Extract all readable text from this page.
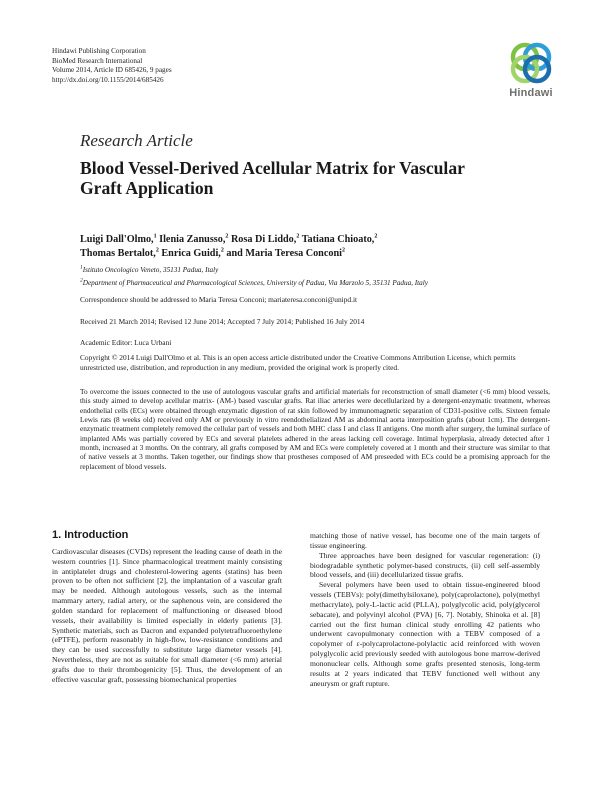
Hindawi Publishing Corporation
BioMed Research International
Volume 2014, Article ID 685426, 9 pages
http://dx.doi.org/10.1155/2014/685426
Hindawi
Research Article
Blood Vessel-Derived Acellular Matrix for Vascular Graft Application
Luigi Dall'Olmo,$^1$ Ilenia Zanusso,$^2$ Rosa Di Liddo,$^2$ Tatiana Chioato,$^2$
Thomas Bertalot,$^2$ Enrica Guidi,$^2$ and Maria Teresa Conconi$^2$
$^1$Istituto Oncologico Veneto, 35131 Padua, Italy
$^2$Department of Pharmaceutical and Pharmacological Sciences, University of Padua, Via Marzolo 5, 35131 Padua, Italy
Correspondence should be addressed to Maria Teresa Conconi; mariateresa.conconi@unipd.it
Received 21 March 2014; Revised 12 June 2014; Accepted 7 July 2014; Published 16 July 2014
Academic Editor: Luca Urbani
Copyright © 2014 Luigi Dall'Olmo et al. This is an open access article distributed under the Creative Commons Attribution License, which permits unrestricted use, distribution, and reproduction in any medium, provided the original work is properly cited.
To overcome the issues connected to the use of autologous vascular grafts and artificial materials for reconstruction of small diameter (<6 mm) blood vessels, this study aimed to develop acellular matrix- (AM-) based vascular grafts. Rat iliac arteries were decellularized by a detergent-enzymatic treatment, whereas endothelial cells (ECs) were obtained through enzymatic digestion of rat skin followed by immunomagnetic separation of CD31-positive cells. Sixteen female Lewis rats (8 weeks old) received only AM or previously in vitro reendothelialized AM as abdominal aorta interposition grafts (about 1cm). The detergent-enzymatic treatment completely removed the cellular part of vessels and both MHC class I and class II antigens. One month after surgery, the luminal surface of implanted AMs was partially covered by ECs and several platelets adhered in the areas lacking cell coverage. Intimal hyperplasia, already detected after 1 month, increased at 3 months. On the contrary, all grafts composed by AM and ECs were completely covered at 1 month and their structure was similar to that of native vessels at 3 months. Taken together, our findings show that prostheses composed of AM preseeded with ECs could be a promising approach for the replacement of blood vessels.
1. Introduction

Cardiovascular diseases (CVDs) represent the leading cause of death in the western countries [1]. Since pharmacological treatment mainly consisting in antiplatelet drugs and cholesterol-lowering agents (statins) has been proven to be often not sufficient [2], the implantation of a vascular graft may be needed. Although autologous vessels, such as the internal mammary artery, radial artery, or the saphenous vein, are considered the golden standard for replacement of malfunctioning or diseased blood vessels, their availability is limited especially in elderly patients [3]. Synthetic materials, such as Dacron and expanded polytetrafluoroethylene (ePTFE), perform reasonably in high-flow, low-resistance conditions and they can be used successfully to substitute large diameter vessels [4]. Nevertheless, they are not as suitable for small diameter (<6 mm) arterial grafts due to their thrombogenicity [5]. Thus, the development of an effective vascular graft, possessing biomechanical properties

matching those of native vessel, has become one of the main targets of tissue engineering.

Three approaches have been designed for vascular regeneration: (i) biodegradable synthetic polymer-based constructs, (ii) cell self-assembly blood vessels, and (iii) decellularized tissue grafts.

Several polymers have been used to obtain tissue-engineered blood vessels (TEBVs): poly(dimethylsiloxane), poly(caprolactone), poly(methyl methacrylate), poly-L-lactic acid (PLLA), polyglycolic acid, poly(glycerol sebacate), and polyvinyl alcohol (PVA) [6, 7]. Notably, Shinoka et al. [8] carried out the first human clinical study enrolling 42 patients who underwent cavopulmonary connection with a TEBV composed of a copolymer of ε-polycaprolactone-polylactic acid reinforced with woven polyglycolic acid previously seeded with autologous bone marrow-derived mononuclear cells. Although some grafts presented stenosis, long-term results at 2 years indicated that TEBV functioned well without any aneurysm or graft rupture.
